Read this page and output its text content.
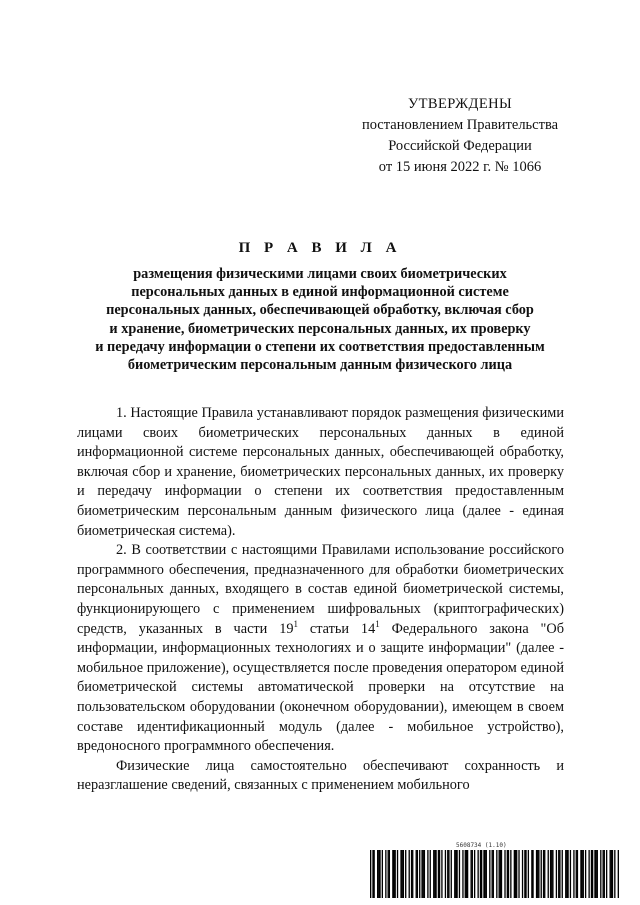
УТВЕРЖДЕНЫ
постановлением Правительства
Российской Федерации
от 15 июня 2022 г. № 1066
П Р А В И Л А
размещения физическими лицами своих биометрических
персональных данных в единой информационной системе
персональных данных, обеспечивающей обработку, включая сбор
и хранение, биометрических персональных данных, их проверку
и передачу информации о степени их соответствия предоставленным
биометрическим персональным данным физического лица

1. Настоящие Правила устанавливают порядок размещения физическими лицами своих биометрических персональных данных в единой информационной системе персональных данных, обеспечивающей обработку, включая сбор и хранение, биометрических персональных данных, их проверку и передачу информации о степени их соответствия предоставленным биометрическим персональным данным физического лица (далее - единая биометрическая система).

2. В соответствии с настоящими Правилами использование российского программного обеспечения, предназначенного для обработки биометрических персональных данных, входящего в состав единой биометрической системы, функционирующего с применением шифровальных (криптографических) средств, указанных в части $19^1$ статьи $14^1$ Федерального закона "Об информации, информационных технологиях и о защите информации" (далее - мобильное приложение), осуществляется после проведения оператором единой биометрической системы автоматической проверки на отсутствие на пользовательском оборудовании (оконечном оборудовании), имеющем в своем составе идентификационный модуль (далее - мобильное устройство), вредоносного программного обеспечения.

Физические лица самостоятельно обеспечивают сохранность и неразглашение сведений, связанных с применением мобильного

5608734 (1.10)
